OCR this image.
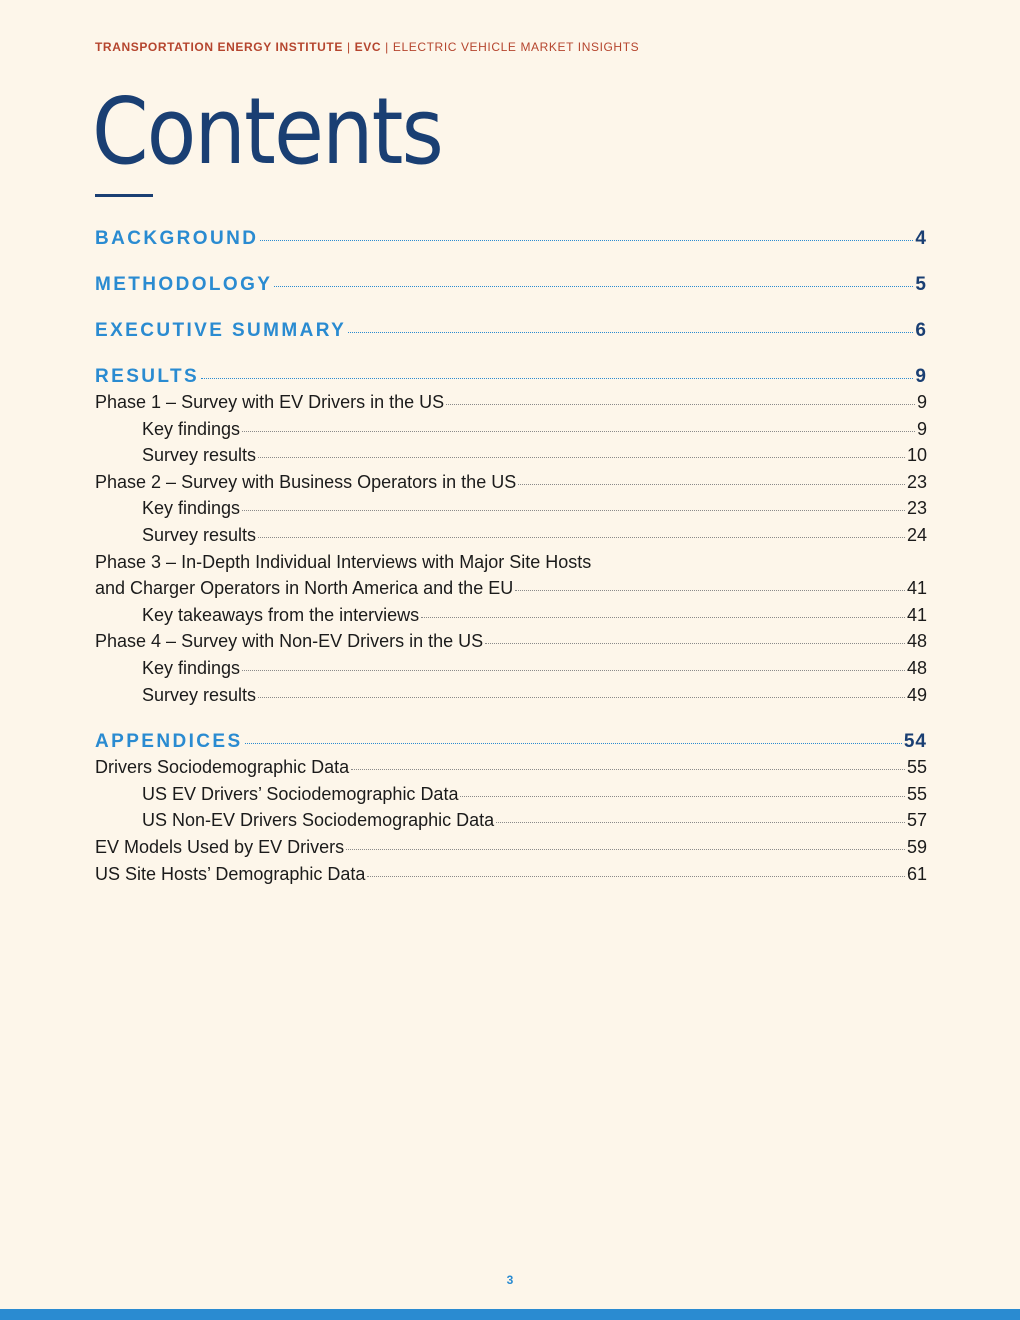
TRANSPORTATION ENERGY INSTITUTE | EVC | ELECTRIC VEHICLE MARKET INSIGHTS
Contents
BACKGROUND	4
METHODOLOGY	5
EXECUTIVE SUMMARY	6
RESULTS	9
Phase 1 – Survey with EV Drivers in the US	9
Key findings	9
Survey results	10
Phase 2 – Survey with Business Operators in the US	23
Key findings	23
Survey results	24
Phase 3 – In-Depth Individual Interviews with Major Site Hosts
and Charger Operators in North America and the EU	41
Key takeaways from the interviews	41
Phase 4 – Survey with Non-EV Drivers in the US	48
Key findings	48
Survey results	49
APPENDICES	54
Drivers Sociodemographic Data	55
US EV Drivers’ Sociodemographic Data	55
US Non-EV Drivers Sociodemographic Data	57
EV Models Used by EV Drivers	59
US Site Hosts’ Demographic Data	61
3
